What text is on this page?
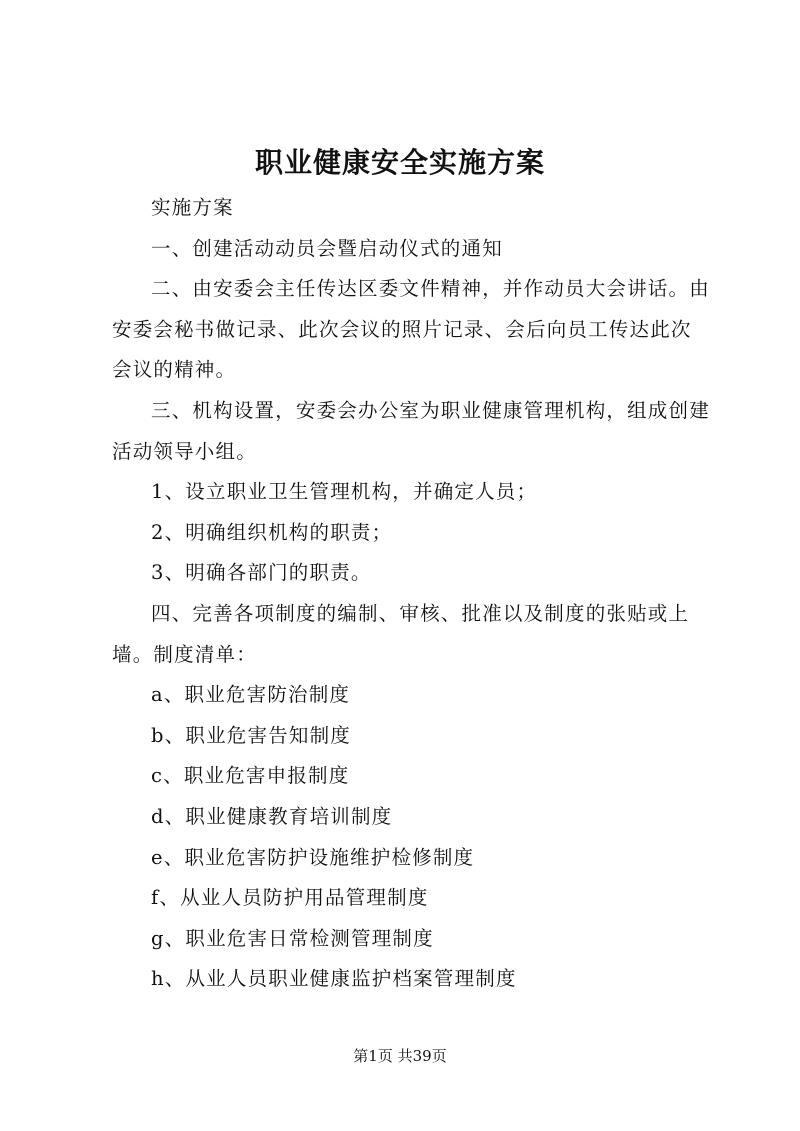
职业健康安全实施方案

实施方案

一、创建活动动员会暨启动仪式的通知

二、由安委会主任传达区委文件精神，并作动员大会讲话。由安委会秘书做记录、此次会议的照片记录、会后向员工传达此次会议的精神。

三、机构设置，安委会办公室为职业健康管理机构，组成创建活动领导小组。

1、设立职业卫生管理机构，并确定人员；

2、明确组织机构的职责；

3、明确各部门的职责。

四、完善各项制度的编制、审核、批准以及制度的张贴或上墙。制度清单：

a、职业危害防治制度

b、职业危害告知制度

c、职业危害申报制度

d、职业健康教育培训制度

e、职业危害防护设施维护检修制度

f、从业人员防护用品管理制度

g、职业危害日常检测管理制度

h、从业人员职业健康监护档案管理制度

第1页 共39页
